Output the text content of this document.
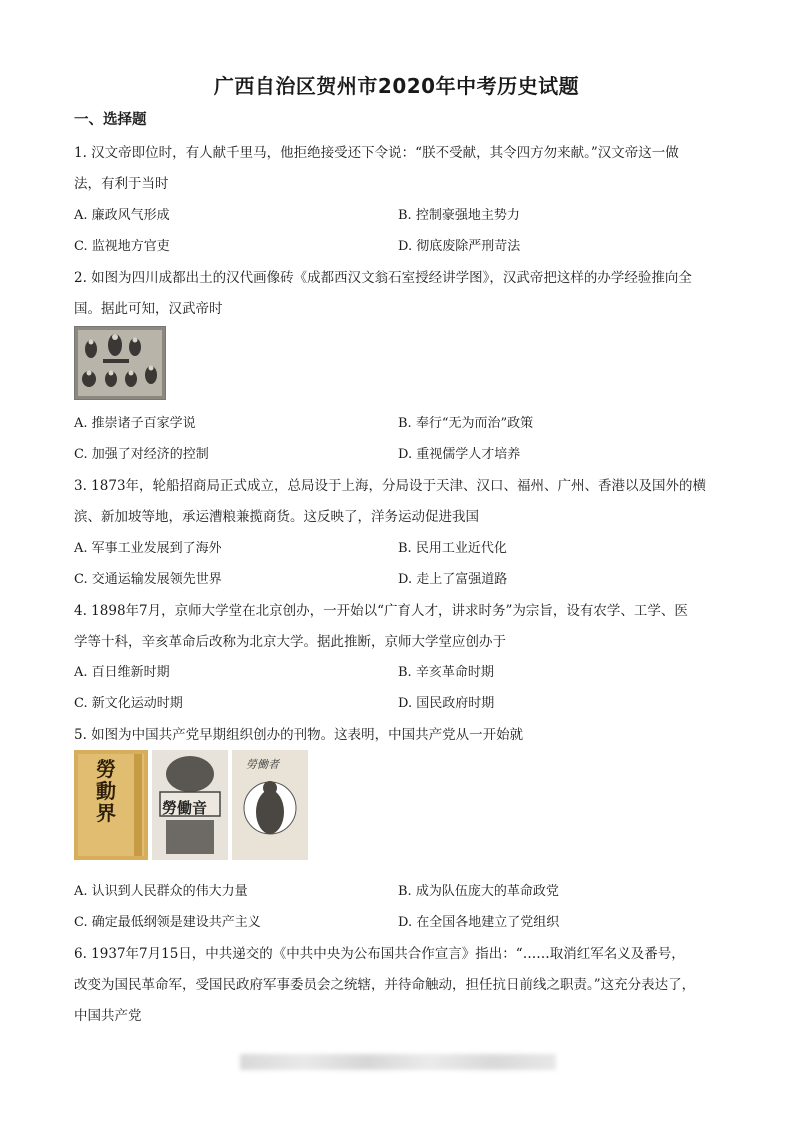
广西自治区贺州市2020年中考历史试题
一、选择题
1. 汉文帝即位时，有人献千里马，他拒绝接受还下令说：“朕不受献，其令四方勿来献。”汉文帝这一做
法，有利于当时
A. 廉政风气形成	B. 控制豪强地主势力
C. 监视地方官吏	D. 彻底废除严刑苛法
2. 如图为四川成都出土的汉代画像砖《成都西汉文翁石室授经讲学图》，汉武帝把这样的办学经验推向全
国。据此可知，汉武帝时
A. 推崇诸子百家学说	B. 奉行“无为而治”政策
C. 加强了对经济的控制	D. 重视儒学人才培养
3. 1873年，轮船招商局正式成立，总局设于上海，分局设于天津、汉口、福州、广州、香港以及国外的横
滨、新加坡等地，承运漕粮兼揽商货。这反映了，洋务运动促进我国
A. 军事工业发展到了海外	B. 民用工业近代化
C. 交通运输发展领先世界	D. 走上了富强道路
4. 1898年7月，京师大学堂在北京创办，一开始以“广育人才，讲求时务”为宗旨，设有农学、工学、医
学等十科，辛亥革命后改称为北京大学。据此推断，京师大学堂应创办于
A. 百日维新时期	B. 辛亥革命时期
C. 新文化运动时期	D. 国民政府时期
5. 如图为中国共产党早期组织创办的刊物。这表明，中国共产党从一开始就
勞動界	勞働音
勞働者
A. 认识到人民群众的伟大力量	B. 成为队伍庞大的革命政党
C. 确定最低纲领是建设共产主义	D. 在全国各地建立了党组织
6. 1937年7月15日，中共递交的《中共中央为公布国共合作宣言》指出：“……取消红军名义及番号，
改变为国民革命军，受国民政府军事委员会之统辖，并待命触动，担任抗日前线之职责。”这充分表达了，
中国共产党
